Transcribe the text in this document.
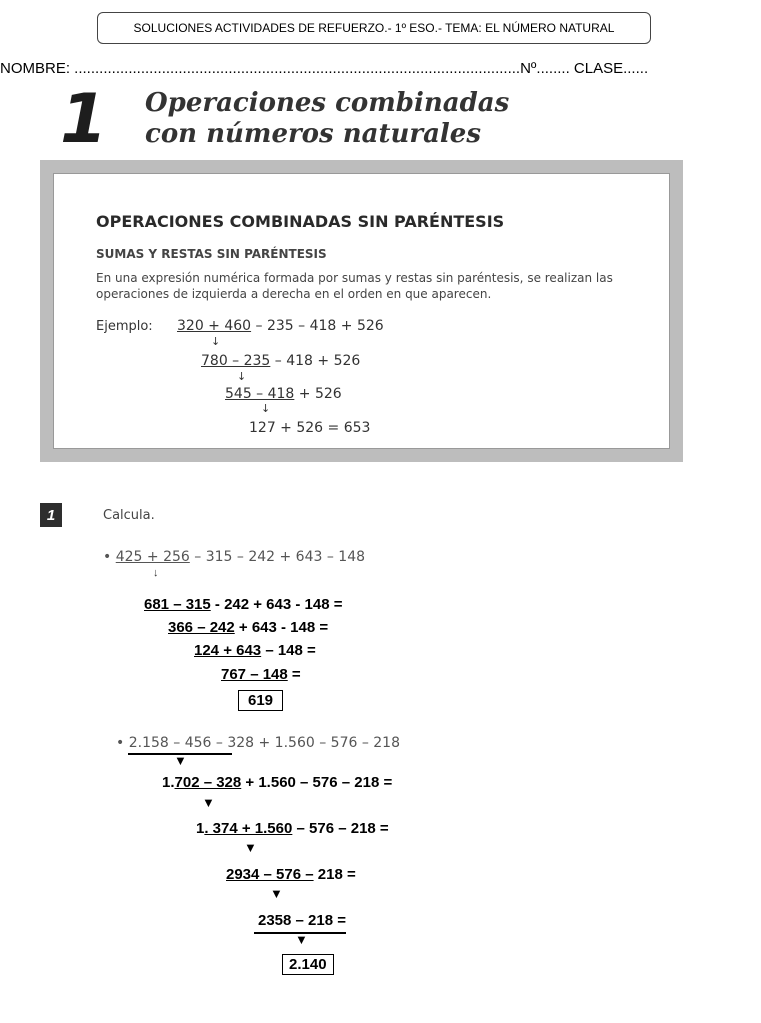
SOLUCIONES ACTIVIDADES DE REFUERZO.- 1º ESO.- TEMA: EL NÚMERO NATURAL
NOMBRE: ...........................................................................................................Nº........ CLASE......
1 Operaciones combinadas
con números naturales
OPERACIONES COMBINADAS SIN PARÉNTESIS
SUMAS Y RESTAS SIN PARÉNTESIS
En una expresión numérica formada por sumas y restas sin paréntesis, se realizan las
operaciones de izquierda a derecha en el orden en que aparecen.
Ejemplo: 320 + 460 – 235 – 418 + 526
↓
780 – 235 – 418 + 526
↓
545 – 418 + 526
↓
127 + 526 = 653
1	Calcula.
• 425 + 256 – 315 – 242 + 643 – 148
↓
681 – 315 - 242 + 643 - 148 =
366 – 242 + 643 - 148 =
124 + 643 – 148 =
767 – 148 =
619
• 2.158 – 456 – 328 + 1.560 – 576 – 218
▼
1.702 – 328 + 1.560 – 576 – 218 =
▼
1. 374 + 1.560 – 576 – 218 =
▼
2934 – 576 – 218 =
▼
2358 – 218 =
▼
2.140
